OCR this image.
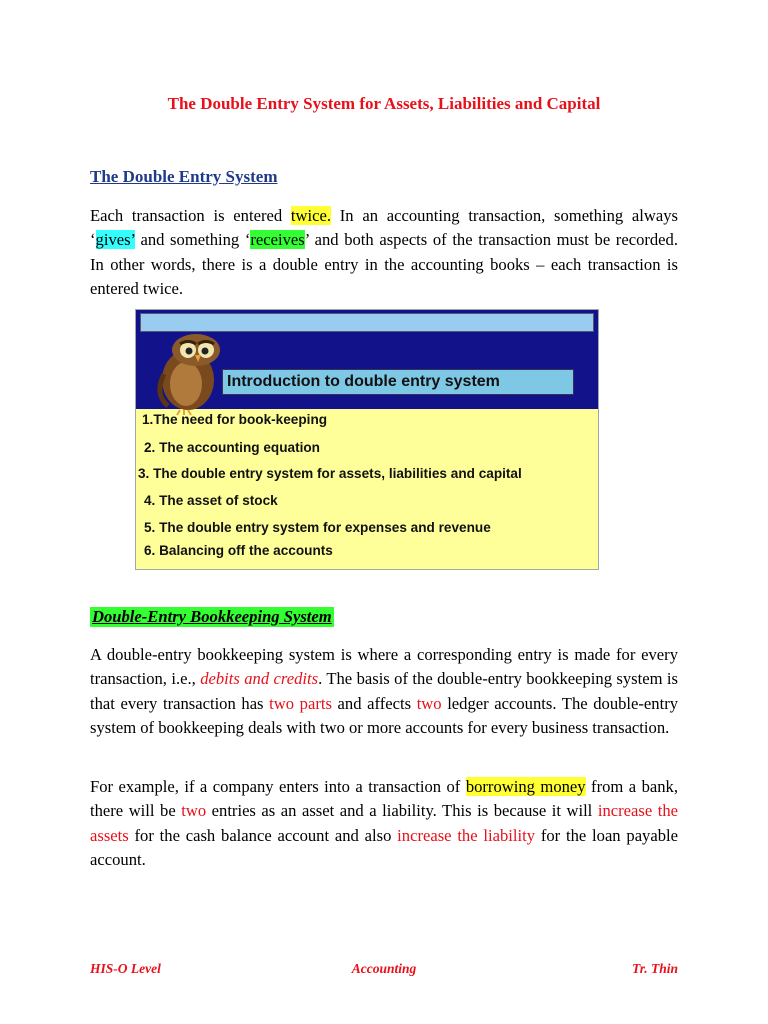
The Double Entry System for Assets, Liabilities and Capital
The Double Entry System
Each transaction is entered twice. In an accounting transaction, something always ‘gives’ and something ‘receives’ and both aspects of the transaction must be recorded. In other words, there is a double entry in the accounting books – each transaction is entered twice.
Introduction to double entry system
1.The need for book-keeping
2. The accounting equation
3. The double entry system for assets, liabilities and capital
4. The asset of stock
5. The double entry system for expenses and revenue
6. Balancing off the accounts
Double-Entry Bookkeeping System
A double-entry bookkeeping system is where a corresponding entry is made for every transaction, i.e., debits and credits. The basis of the double-entry bookkeeping system is that every transaction has two parts and affects two ledger accounts. The double-entry system of bookkeeping deals with two or more accounts for every business transaction.
For example, if a company enters into a transaction of borrowing money from a bank, there will be two entries as an asset and a liability. This is because it will increase the assets for the cash balance account and also increase the liability for the loan payable account.
HIS-O Level	Accounting	Tr. Thin
